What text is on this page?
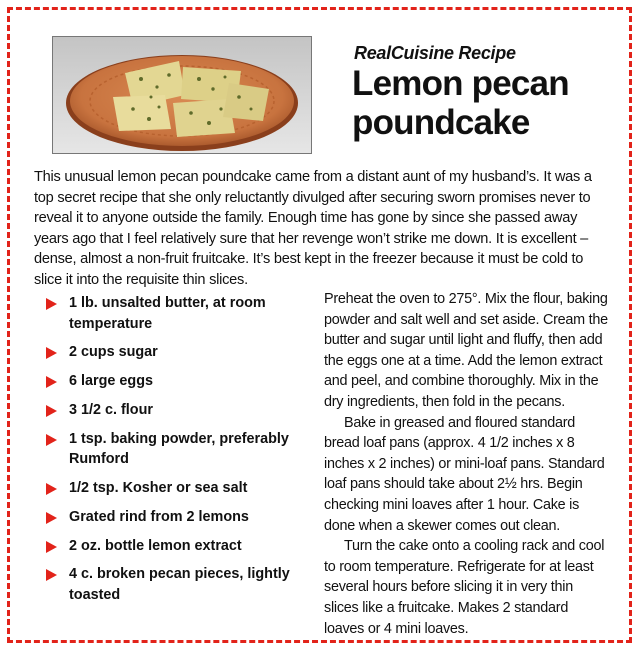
RealCuisine Recipe
Lemon pecan poundcake
This unusual lemon pecan poundcake came from a distant aunt of my husband’s. It was a top secret recipe that she only reluctantly divulged after securing sworn promises never to reveal it to anyone outside the family. Enough time has gone by since she passed away years ago that I feel relatively sure that her revenge won’t strike me down. It is excellent – dense, almost a non-fruit fruitcake. It’s best kept in the freezer because it must be cold to slice it into the requisite thin slices.
1 lb. unsalted butter, at room temperature
2 cups sugar
6 large eggs
3 1/2 c. flour
1 tsp. baking powder, preferably Rumford
1/2 tsp. Kosher or sea salt
Grated rind from 2 lemons
2 oz. bottle lemon extract
4 c. broken pecan pieces, lightly toasted

Preheat the oven to 275°. Mix the flour, baking powder and salt well and set aside. Cream the butter and sugar until light and fluffy, then add the eggs one at a time. Add the lemon extract and peel, and combine thoroughly. Mix in the dry ingredients, then fold in the pecans.

Bake in greased and floured standard bread loaf pans (approx. 4 1/2 inches x 8 inches x 2 inches) or mini-loaf pans. Standard loaf pans should take about 2½ hrs. Begin checking mini loaves after 1 hour. Cake is done when a skewer comes out clean.

Turn the cake onto a cooling rack and cool to room temperature. Refrigerate for at least several hours before slicing it in very thin slices like a fruitcake. Makes 2 standard loaves or 4 mini loaves.
